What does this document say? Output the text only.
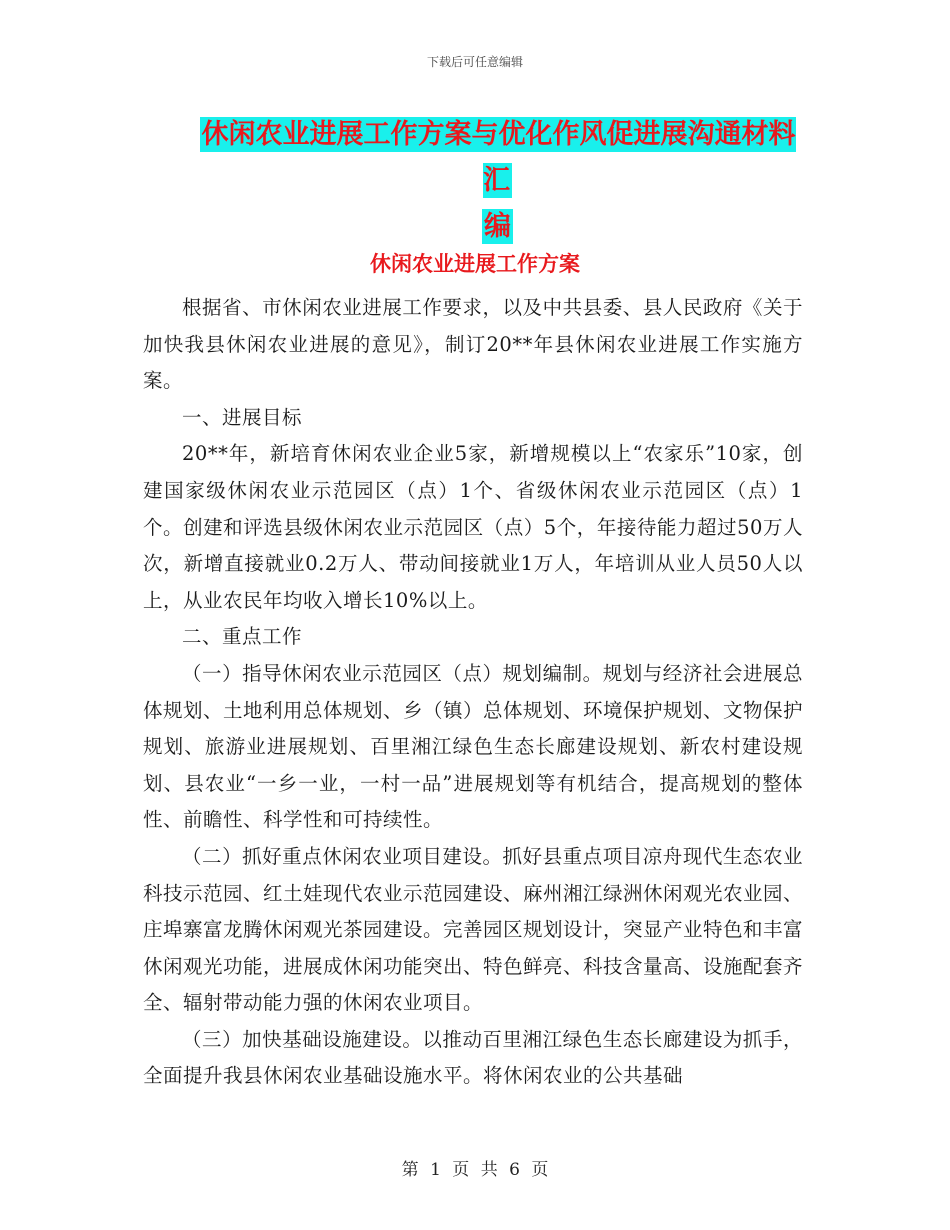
下载后可任意编辑
休闲农业进展工作方案与优化作风促进展沟通材料汇
编
休闲农业进展工作方案

根据省、市休闲农业进展工作要求，以及中共县委、县人民政府《关于加快我县休闲农业进展的意见》，制订20**年县休闲农业进展工作实施方案。

一、进展目标

20**年，新培育休闲农业企业5家，新增规模以上“农家乐”10家，创建国家级休闲农业示范园区（点）1个、省级休闲农业示范园区（点）1个。创建和评选县级休闲农业示范园区（点）5个，年接待能力超过50万人次，新增直接就业0.2万人、带动间接就业1万人，年培训从业人员50人以上，从业农民年均收入增长10%以上。

二、重点工作

（一）指导休闲农业示范园区（点）规划编制。规划与经济社会进展总体规划、土地利用总体规划、乡（镇）总体规划、环境保护规划、文物保护规划、旅游业进展规划、百里湘江绿色生态长廊建设规划、新农村建设规划、县农业“一乡一业，一村一品”进展规划等有机结合，提高规划的整体性、前瞻性、科学性和可持续性。

（二）抓好重点休闲农业项目建设。抓好县重点项目凉舟现代生态农业科技示范园、红土娃现代农业示范园建设、麻州湘江绿洲休闲观光农业园、庄埠寨富龙腾休闲观光茶园建设。完善园区规划设计，突显产业特色和丰富休闲观光功能，进展成休闲功能突出、特色鲜亮、科技含量高、设施配套齐全、辐射带动能力强的休闲农业项目。

（三）加快基础设施建设。以推动百里湘江绿色生态长廊建设为抓手，全面提升我县休闲农业基础设施水平。将休闲农业的公共基础

第 1 页 共 6 页
